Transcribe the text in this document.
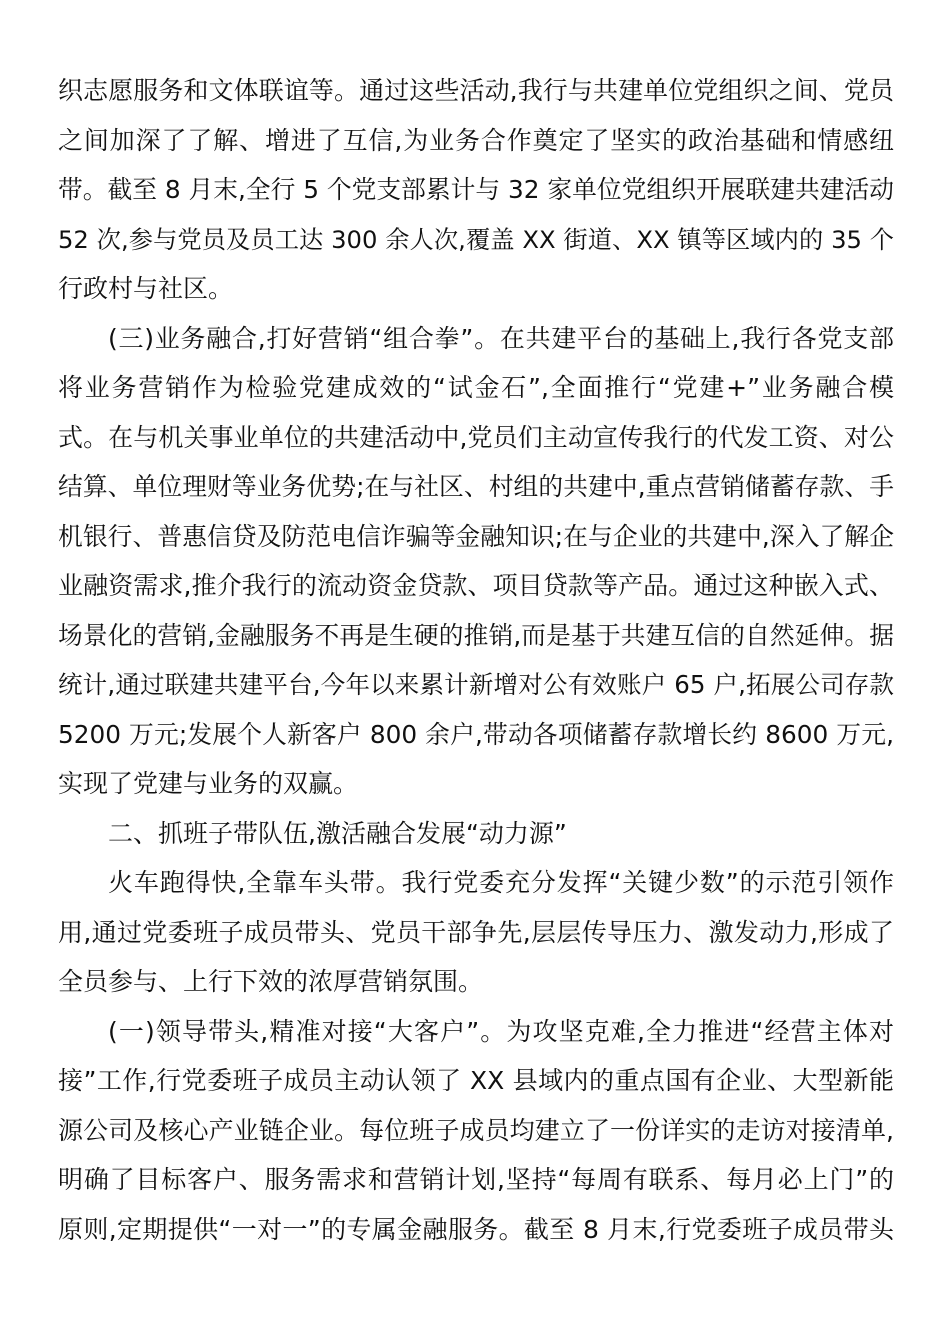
织志愿服务和文体联谊等。通过这些活动,我行与共建单位党组织之间、党员
之间加深了了解、增进了互信,为业务合作奠定了坚实的政治基础和情感纽
带。截至 8 月末,全行 5 个党支部累计与 32 家单位党组织开展联建共建活动
52 次,参与党员及员工达 300 余人次,覆盖 XX 街道、XX 镇等区域内的 35 个
行政村与社区。
(三)业务融合,打好营销“组合拳”。在共建平台的基础上,我行各党支部
将业务营销作为检验党建成效的“试金石”,全面推行“党建+”业务融合模
式。在与机关事业单位的共建活动中,党员们主动宣传我行的代发工资、对公
结算、单位理财等业务优势;在与社区、村组的共建中,重点营销储蓄存款、手
机银行、普惠信贷及防范电信诈骗等金融知识;在与企业的共建中,深入了解企
业融资需求,推介我行的流动资金贷款、项目贷款等产品。通过这种嵌入式、
场景化的营销,金融服务不再是生硬的推销,而是基于共建互信的自然延伸。据
统计,通过联建共建平台,今年以来累计新增对公有效账户 65 户,拓展公司存款
5200 万元;发展个人新客户 800 余户,带动各项储蓄存款增长约 8600 万元,
实现了党建与业务的双赢。
二、抓班子带队伍,激活融合发展“动力源”
火车跑得快,全靠车头带。我行党委充分发挥“关键少数”的示范引领作
用,通过党委班子成员带头、党员干部争先,层层传导压力、激发动力,形成了
全员参与、上行下效的浓厚营销氛围。
(一)领导带头,精准对接“大客户”。为攻坚克难,全力推进“经营主体对
接”工作,行党委班子成员主动认领了 XX 县域内的重点国有企业、大型新能
源公司及核心产业链企业。每位班子成员均建立了一份详实的走访对接清单,
明确了目标客户、服务需求和营销计划,坚持“每周有联系、每月必上门”的
原则,定期提供“一对一”的专属金融服务。截至 8 月末,行党委班子成员带头
